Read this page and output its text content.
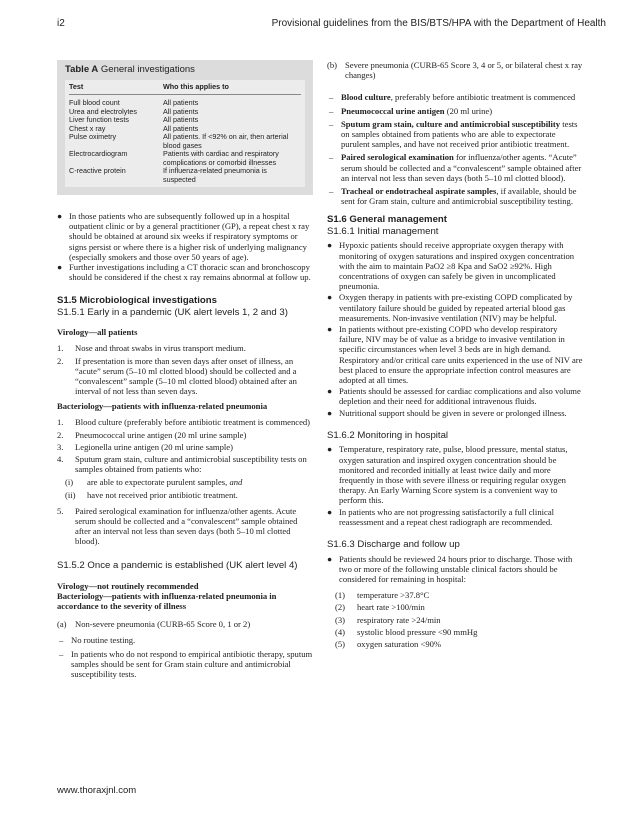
i2	Provisional guidelines from the BIS/BTS/HPA with the Department of Health
Table A General investigations
Test	Who this applies to
Full blood count	All patients
Urea and electrolytes	All patients
Liver function tests	All patients
Chest x ray	All patients
Pulse oximetry	All patients. If <92% on air, then arterial blood gases
Electrocardiogram	Patients with cardiac and respiratory complications or comorbid illnesses
C-reactive protein	If influenza-related pneumonia is suspected
● In those patients who are subsequently followed up in a hospital outpatient clinic or by a general practitioner (GP), a repeat chest x ray should be obtained at around six weeks if respiratory symptoms or signs persist or where there is a higher risk of underlying malignancy (especially smokers and those over 50 years of age).
● Further investigations including a CT thoracic scan and bronchoscopy should be considered if the chest x ray remains abnormal at follow up.
S1.5 Microbiological investigations
S1.5.1 Early in a pandemic (UK alert levels 1, 2 and 3)
Virology—all patients
1. Nose and throat swabs in virus transport medium.
2. If presentation is more than seven days after onset of illness, an “acute” serum (5–10 ml clotted blood) should be collected and a “convalescent” sample (5–10 ml clotted blood) obtained after an interval of not less than seven days.
Bacteriology—patients with influenza-related pneumonia
1. Blood culture (preferably before antibiotic treatment is commenced)
2. Pneumococcal urine antigen (20 ml urine sample)
3. Legionella urine antigen (20 ml urine sample)
4. Sputum gram stain, culture and antimicrobial susceptibility tests on samples obtained from patients who:
(i) are able to expectorate purulent samples, and
(ii) have not received prior antibiotic treatment.
5. Paired serological examination for influenza/other agents. Acute serum should be collected and a “convalescent” sample obtained after an interval not less than seven days (both 5–10 ml clotted blood).
S1.5.2 Once a pandemic is established (UK alert level 4)
Virology—not routinely recommended
Bacteriology—patients with influenza-related pneumonia in accordance to the severity of illness
(a) Non-severe pneumonia (CURB-65 Score 0, 1 or 2)
– No routine testing.
– In patients who do not respond to empirical antibiotic therapy, sputum samples should be sent for Gram stain culture and antimicrobial susceptibility tests.
(b) Severe pneumonia (CURB-65 Score 3, 4 or 5, or bilateral chest x ray changes)
– Blood culture, preferably before antibiotic treatment is commenced
– Pneumococcal urine antigen (20 ml urine)
– Sputum gram stain, culture and antimicrobial susceptibility tests on samples obtained from patients who are able to expectorate purulent samples, and have not received prior antibiotic treatment.
– Paired serological examination for influenza/other agents. “Acute” serum should be collected and a “convalescent” sample obtained after an interval not less than seven days (both 5–10 ml clotted blood).
– Tracheal or endotracheal aspirate samples, if available, should be sent for Gram stain, culture and antimicrobial susceptibility testing.
S1.6 General management
S1.6.1 Initial management
● Hypoxic patients should receive appropriate oxygen therapy with monitoring of oxygen saturations and inspired oxygen concentration with the aim to maintain PaO2 ≥8 Kpa and SaO2 ≥92%. High concentrations of oxygen can safely be given in uncomplicated pneumonia.
● Oxygen therapy in patients with pre-existing COPD complicated by ventilatory failure should be guided by repeated arterial blood gas measurements. Non-invasive ventilation (NIV) may be helpful.
● In patients without pre-existing COPD who develop respiratory failure, NIV may be of value as a bridge to invasive ventilation in specific circumstances when level 3 beds are in high demand. Respiratory and/or critical care units experienced in the use of NIV are best placed to ensure the appropriate infection control measures are adopted at all times.
● Patients should be assessed for cardiac complications and also volume depletion and their need for additional intravenous fluids.
● Nutritional support should be given in severe or prolonged illness.
S1.6.2 Monitoring in hospital
● Temperature, respiratory rate, pulse, blood pressure, mental status, oxygen saturation and inspired oxygen concentration should be monitored and recorded initially at least twice daily and more frequently in those with severe illness or requiring regular oxygen therapy. An Early Warning Score system is a convenient way to perform this.
● In patients who are not progressing satisfactorily a full clinical reassessment and a repeat chest radiograph are recommended.
S1.6.3 Discharge and follow up
● Patients should be reviewed 24 hours prior to discharge. Those with two or more of the following unstable clinical factors should be considered for remaining in hospital:
(1) temperature >37.8°C
(2) heart rate >100/min
(3) respiratory rate >24/min
(4) systolic blood pressure <90 mmHg
(5) oxygen saturation <90%
www.thoraxjnl.com
